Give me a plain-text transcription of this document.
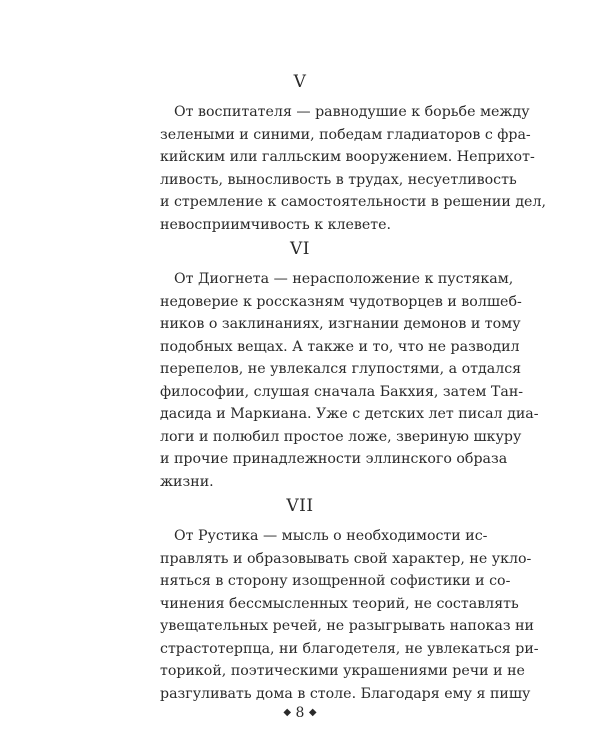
V
От воспитателя — равнодушие к борьбе между
зелеными и синими, победам гладиаторов с фра-
кийским или галльским вооружением. Неприхот-
ливость, выносливость в трудах, несуетливость
и стремление к самостоятельности в решении дел,
невосприимчивость к клевете.
VI
От Диогнета — нерасположение к пустякам,
недоверие к россказням чудотворцев и волшеб-
ников о заклинаниях, изгнании демонов и тому
подобных вещах. А также и то, что не разводил
перепелов, не увлекался глупостями, а отдался
философии, слушая сначала Бакхия, затем Тан-
дасида и Маркиана. Уже с детских лет писал диа-
логи и полюбил простое ложе, звериную шкуру
и прочие принадлежности эллинского образа
жизни.
VII
От Рустика — мысль о необходимости ис-
правлять и образовывать свой характер, не укло-
няться в сторону изощренной софистики и со-
чинения бессмысленных теорий, не составлять
увещательных речей, не разыгрывать напоказ ни
страстотерпца, ни благодетеля, не увлекаться ри-
торикой, поэтическими украшениями речи и не
разгуливать дома в столе. Благодаря ему я пишу
◆ 8 ◆
